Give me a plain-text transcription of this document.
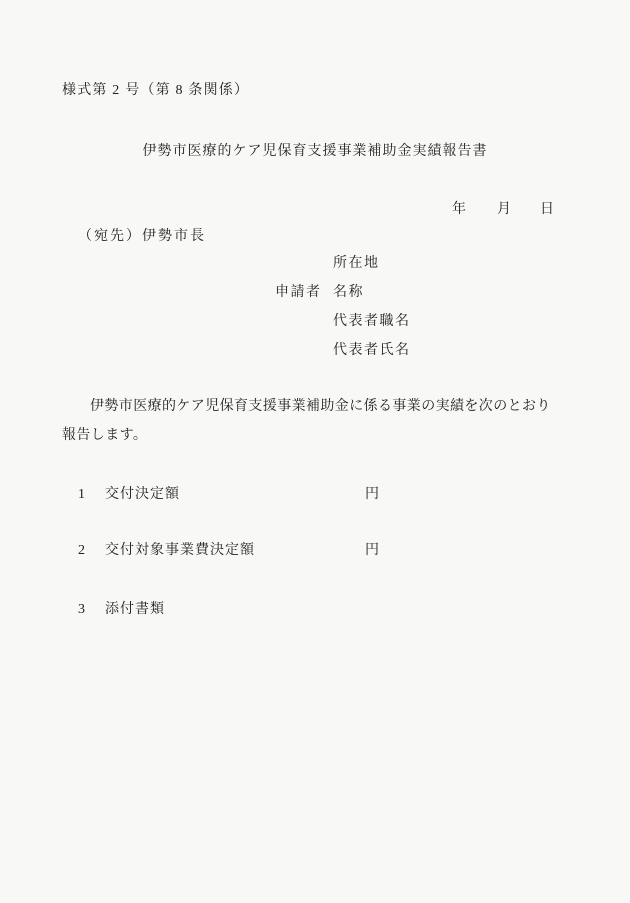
様式第 2 号（第 8 条関係）
伊勢市医療的ケア児保育支援事業補助金実績報告書

年

月

日

（宛先）伊勢市長
申請者
所在地
名称
代表者職名
代表者氏名
伊勢市医療的ケア児保育支援事業補助金に係る事業の実績を次のとおり
報告します。

1

交付決定額

	円

2

交付対象事業費決定額

	円

3

添付書類
